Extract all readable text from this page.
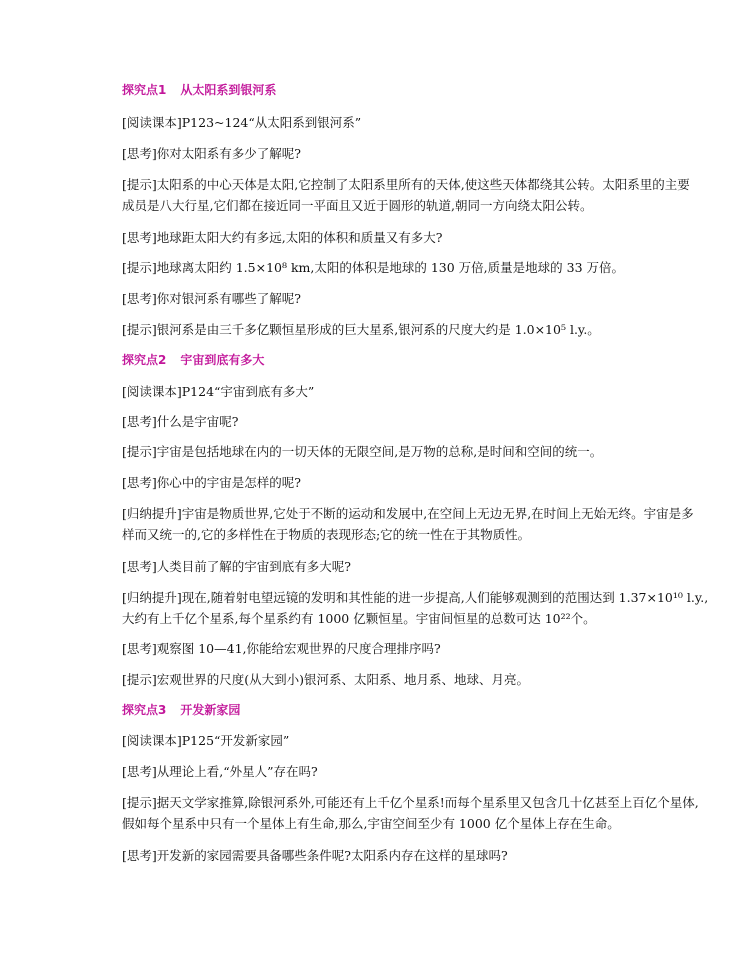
探究点1 从太阳系到银河系

[阅读课本]P123~124“从太阳系到银河系”

[思考]你对太阳系有多少了解呢?

[提示]太阳系的中心天体是太阳,它控制了太阳系里所有的天体,使这些天体都绕其公转。太阳系里的主要

成员是八大行星,它们都在接近同一平面且又近于圆形的轨道,朝同一方向绕太阳公转。

[思考]地球距太阳大约有多远,太阳的体积和质量又有多大?

[提示]地球离太阳约 1.5×10⁸ km,太阳的体积是地球的 130 万倍,质量是地球的 33 万倍。

[思考]你对银河系有哪些了解呢?

[提示]银河系是由三千多亿颗恒星形成的巨大星系,银河系的尺度大约是 1.0×10⁵ l.y.。

探究点2 宇宙到底有多大

[阅读课本]P124“宇宙到底有多大”

[思考]什么是宇宙呢?

[提示]宇宙是包括地球在内的一切天体的无限空间,是万物的总称,是时间和空间的统一。

[思考]你心中的宇宙是怎样的呢?

[归纳提升]宇宙是物质世界,它处于不断的运动和发展中,在空间上无边无界,在时间上无始无终。宇宙是多

样而又统一的,它的多样性在于物质的表现形态;它的统一性在于其物质性。

[思考]人类目前了解的宇宙到底有多大呢?

[归纳提升]现在,随着射电望远镜的发明和其性能的进一步提高,人们能够观测到的范围达到 1.37×10¹⁰ l.y.,

大约有上千亿个星系,每个星系约有 1000 亿颗恒星。宇宙间恒星的总数可达 10²²个。

[思考]观察图 10—41,你能给宏观世界的尺度合理排序吗?

[提示]宏观世界的尺度(从大到小)银河系、太阳系、地月系、地球、月亮。

探究点3 开发新家园

[阅读课本]P125“开发新家园”

[思考]从理论上看,“外星人”存在吗?

[提示]据天文学家推算,除银河系外,可能还有上千亿个星系!而每个星系里又包含几十亿甚至上百亿个星体,

假如每个星系中只有一个星体上有生命,那么,宇宙空间至少有 1000 亿个星体上存在生命。

[思考]开发新的家园需要具备哪些条件呢?太阳系内存在这样的星球吗?
